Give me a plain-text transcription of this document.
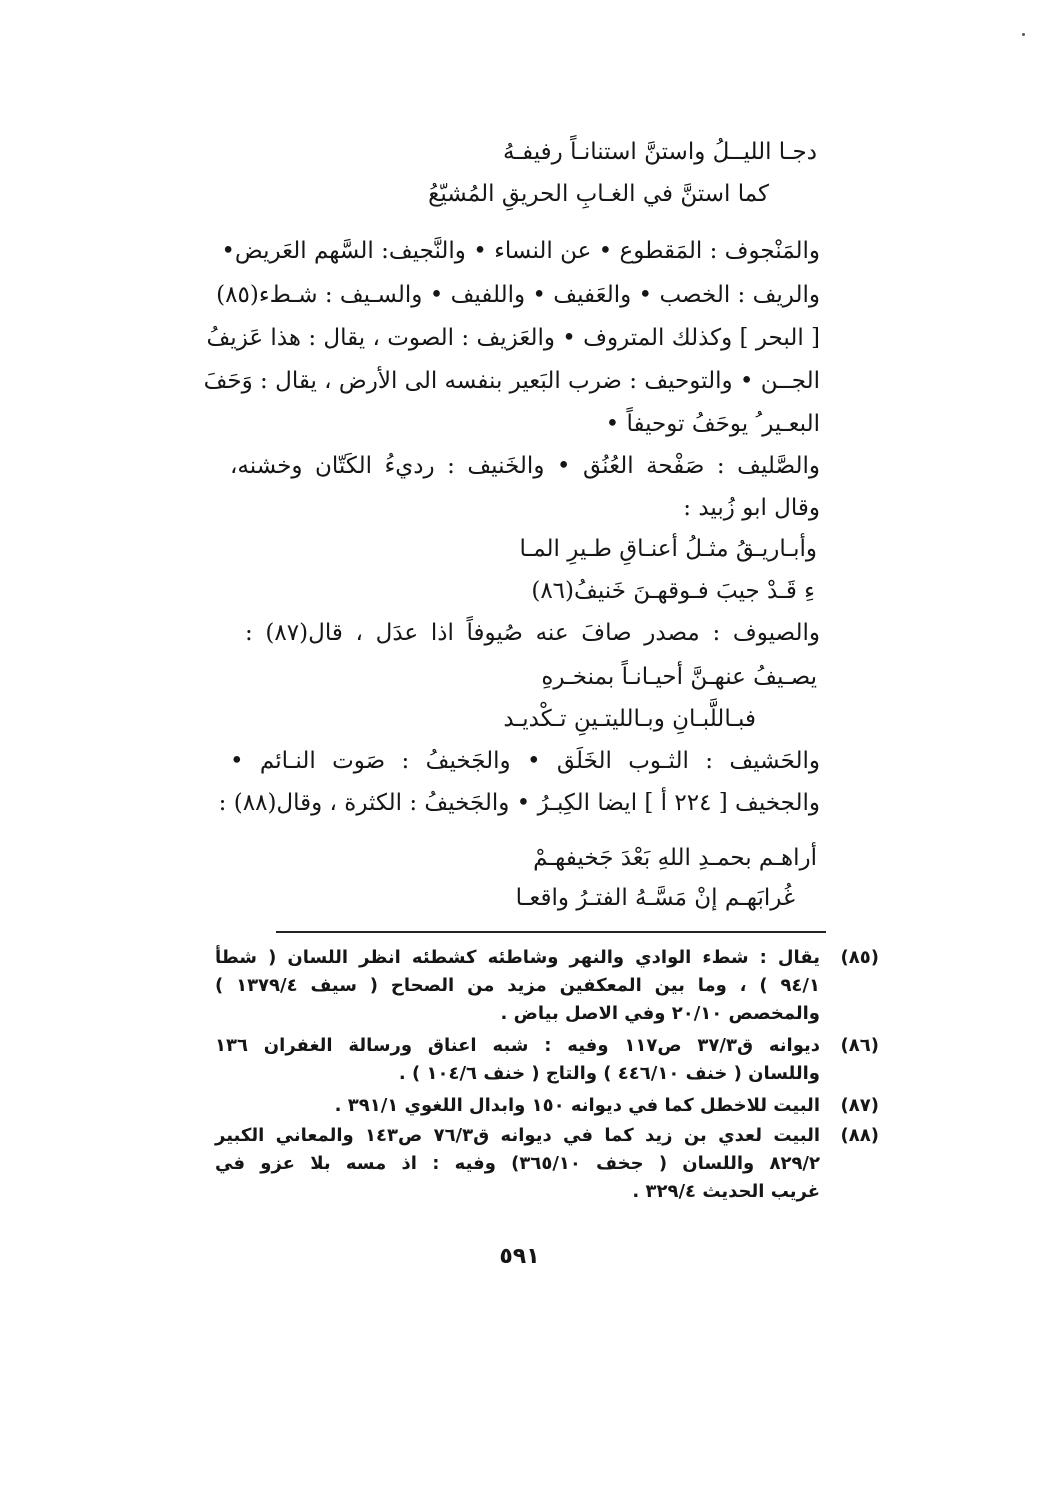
دجـا الليــلُ واستنَّ استنانـاً رفيفـهُ
كما استنَّ في الغـابِ الحريقِ المُشيّعُ
والمَنْجوف : المَقطوع • عن النساء • والنَّجيف: السَّهم العَريض•
والريف : الخصب • والعَفيف • واللفيف • والسـيف : شـطء(٨٥)
[ البحر ] وكذلك المتروف • والعَزيف : الصوت ، يقال : هذا عَزيفُ
الجــن • والتوحيف : ضرب البَعير بنفسه الى الأرض ، يقال : وَحَفَ
البعـير ُ يوحَفُ توحيفاً •
والصَّليف : صَفْحة العُنُق • والخَنيف : رديءُ الكَتّان وخشنه،
وقال ابو زُبيد :
وأبـاريـقُ مثـلُ أعنـاقِ طـيرِ المـا
ءِ قَـدْ جيبَ فـوقهـنَ خَنيفُ(٨٦)
والصيوف : مصدر صافَ عنه صُيوفاً اذا عدَل ، قال(٨٧) :
يصـيفُ عنهـنَّ أحيـانـاً بمنخـرهِ
فبـاللَّبـانِ وبـالليتـينِ تـكْديـد
والحَشيف : الثـوب الخَلَق • والجَخيفُ : صَوت النـائم •
والجخيف [ ٢٢٤ أ ] ايضا الكِبـرُ • والجَخيفُ : الكثرة ، وقال(٨٨) :
أراهـم بحمـدِ اللهِ بَعْدَ جَخيفهـمْ
غُرابَهـم إنْ مَسَّـهُ الفتـرُ واقعـا
(٨٥)
يقال : شطء الوادي والنهر وشاطئه كشطئه انظر اللسان ( شطأ
٩٤/١ ) ، وما بين المعكفين مزيد من الصحاح ( سيف ١٣٧٩/٤ )
والمخصص ٢٠/١٠ وفي الاصل بياض .
(٨٦)
ديوانه ق٣٧/٣ ص١١٧ وفيه : شبه اعناق ورسالة الغفران ١٣٦
واللسان ( خنف ٤٤٦/١٠ ) والتاج ( خنف ١٠٤/٦ ) .
(٨٧)
البيت للاخطل كما في ديوانه ١٥٠ وابدال اللغوي ٣٩١/١ .
(٨٨)
البيت لعدي بن زيد كما في ديوانه ق٧٦/٣ ص١٤٣ والمعاني الكبير
٨٢٩/٢ واللسان ( جخف ٣٦٥/١٠) وفيه : اذ مسه بلا عزو في
غريب الحديث ٣٢٩/٤ .
٥٩١
